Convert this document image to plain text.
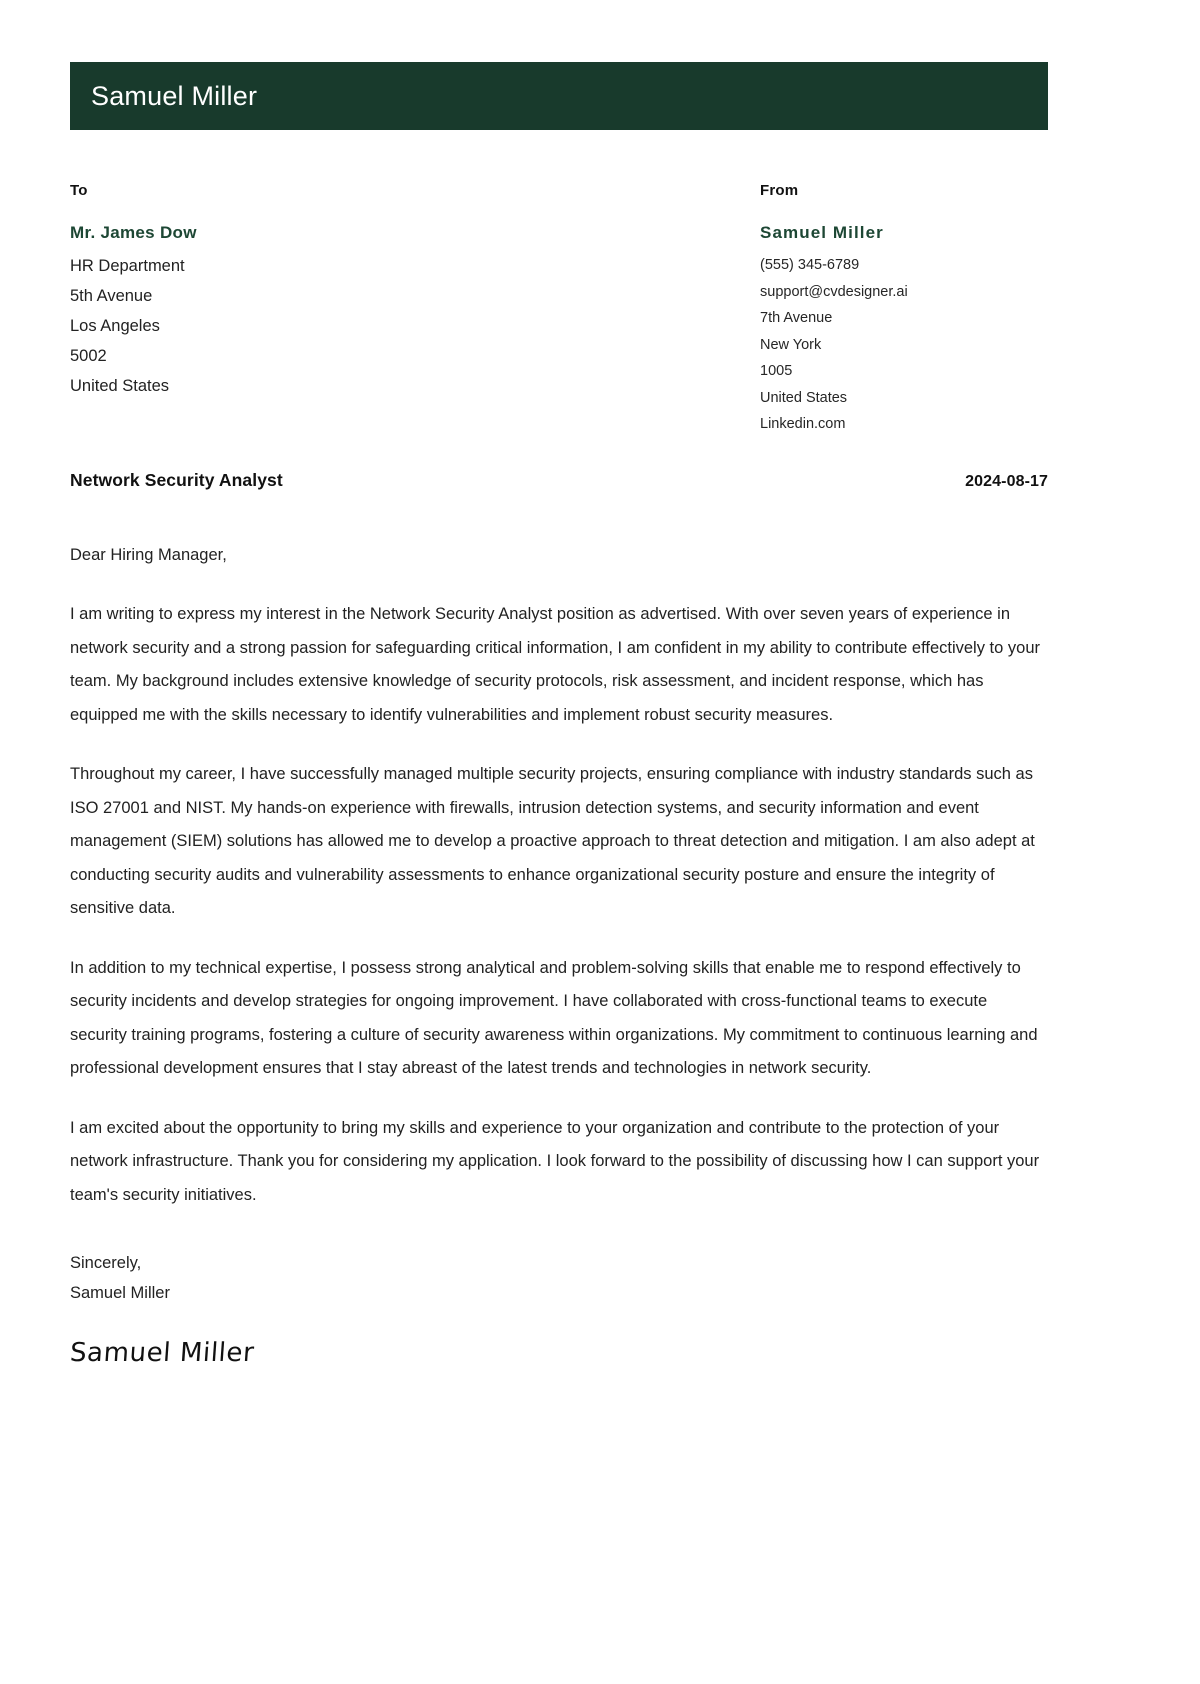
Samuel Miller
To
Mr. James Dow
HR Department
5th Avenue
Los Angeles
5002
United States
From
Samuel Miller
(555) 345-6789
support@cvdesigner.ai
7th Avenue
New York
1005
United States
Linkedin.com
Network Security Analyst	2024-08-17

Dear Hiring Manager,

I am writing to express my interest in the Network Security Analyst position as advertised. With over seven years of experience in network security and a strong passion for safeguarding critical information, I am confident in my ability to contribute effectively to your team. My background includes extensive knowledge of security protocols, risk assessment, and incident response, which has equipped me with the skills necessary to identify vulnerabilities and implement robust security measures.

Throughout my career, I have successfully managed multiple security projects, ensuring compliance with industry standards such as ISO 27001 and NIST. My hands-on experience with firewalls, intrusion detection systems, and security information and event management (SIEM) solutions has allowed me to develop a proactive approach to threat detection and mitigation. I am also adept at conducting security audits and vulnerability assessments to enhance organizational security posture and ensure the integrity of sensitive data.

In addition to my technical expertise, I possess strong analytical and problem-solving skills that enable me to respond effectively to security incidents and develop strategies for ongoing improvement. I have collaborated with cross-functional teams to execute security training programs, fostering a culture of security awareness within organizations. My commitment to continuous learning and professional development ensures that I stay abreast of the latest trends and technologies in network security.

I am excited about the opportunity to bring my skills and experience to your organization and contribute to the protection of your network infrastructure. Thank you for considering my application. I look forward to the possibility of discussing how I can support your team's security initiatives.

Sincerely,
Samuel Miller
Samuel Miller
